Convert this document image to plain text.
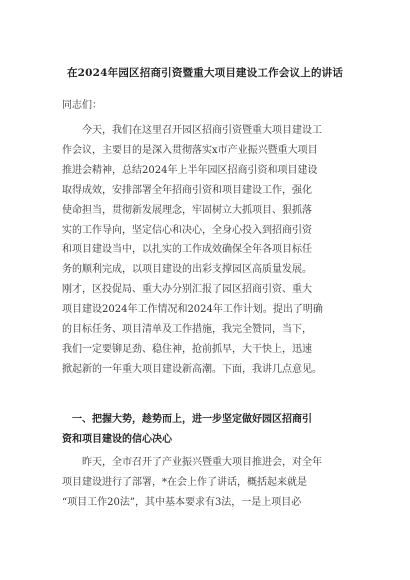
在2024年园区招商引资暨重大项目建设工作会议上的讲话
同志们：
今天，我们在这里召开园区招商引资暨重大项目建设工
作会议，主要目的是深入贯彻落实x市产业振兴暨重大项目
推进会精神，总结2024年上半年园区招商引资和项目建设
取得成效，安排部署全年招商引资和项目建设工作，强化
使命担当，贯彻新发展理念，牢固树立大抓项目、狠抓落
实的工作导向，坚定信心和决心，全身心投入到招商引资
和项目建设当中，以扎实的工作成效确保全年各项目标任
务的顺利完成，以项目建设的出彩支撑园区高质量发展。
刚才，区投促局、重大办分别汇报了园区招商引资、重大
项目建设2024年工作情况和2024年工作计划。提出了明确
的目标任务、项目清单及工作措施，我完全赞同，当下，
我们一定要铆足劲、稳住神，抢前抓早，大干快上，迅速
掀起新的一年重大项目建设新高潮。下面，我讲几点意见。
一、把握大势，趁势而上，进一步坚定做好园区招商引
资和项目建设的信心决心
昨天，全市召开了产业振兴暨重大项目推进会，对全年
项目建设进行了部署，*在会上作了讲话，概括起来就是
“项目工作20法”，其中基本要求有3法，一是上项目必
